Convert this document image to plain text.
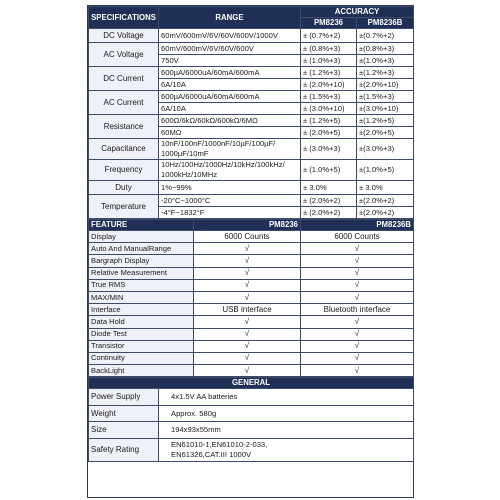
SPECIFICATIONS	RANGE	ACCURACY	
		PM8236	PM8236B
DC Voltage	60mV/600mV/6V/60V/600V/1000V	± (0.7%+2)	±(0.7%+2)
AC Voltage	60mV/600mV/6V/60V/600V	± (0.8%+3)	±(0.8%+3)
	750V	± (1.0%+3)	±(1.0%+3)
DC Current	600µA/6000uA/60mA/600mA	± (1.2%+3)	±(1.2%+3)
	6A/10A	± (2.0%+10)	±(2.0%+10)
AC Current	600µA/6000uA/60mA/600mA	± (1.5%+3)	±(1.5%+3)
	6A/10A	± (3.0%+10)	±(3.0%+10)
Resistance	600Ω/6kΩ/60kΩ/600kΩ/6MΩ	± (1.2%+5)	±(1.2%+5)
	60MΩ	± (2.0%+5)	±(2.0%+5)
Capacitance	10nF/100nF/1000nF/10µF/100µF/
1000µF/10mF	± (3.0%+3)	±(3.0%+3)
Frequency	10Hz/100Hz/1000Hz/10kHz/100kHz/
1000kHz/10MHz	± (1.0%+5)	±(1.0%+5)
Duty	1%~99%	± 3.0%	± 3.0%
Temperature	-20°C~1000°C	± (2.0%+2)	±(2.0%+2)
	-4°F~1832°F	± (2.0%+2)	±(2.0%+2)
FEATURE	PM8236	PM8236B
Display	6000 Counts	6000 Counts
Auto And ManualRange	√	√
Bargraph Display	√	√
Relative Measurement	√	√
True RMS	√	√
MAX/MIN	√	√
Interface	USB interface	Bluetooth interface
Data Hold	√	√
Diode Test	√	√
Transistor	√	√
Continuity	√	√
BackLight	√	√
GENERAL	
Power Supply	4x1.5V AA batteries
Weight	Approx. 580g
Size	194x93x55mm
Safety Rating	EN61010-1,EN61010-2-033,
EN61326,CAT.III 1000V
